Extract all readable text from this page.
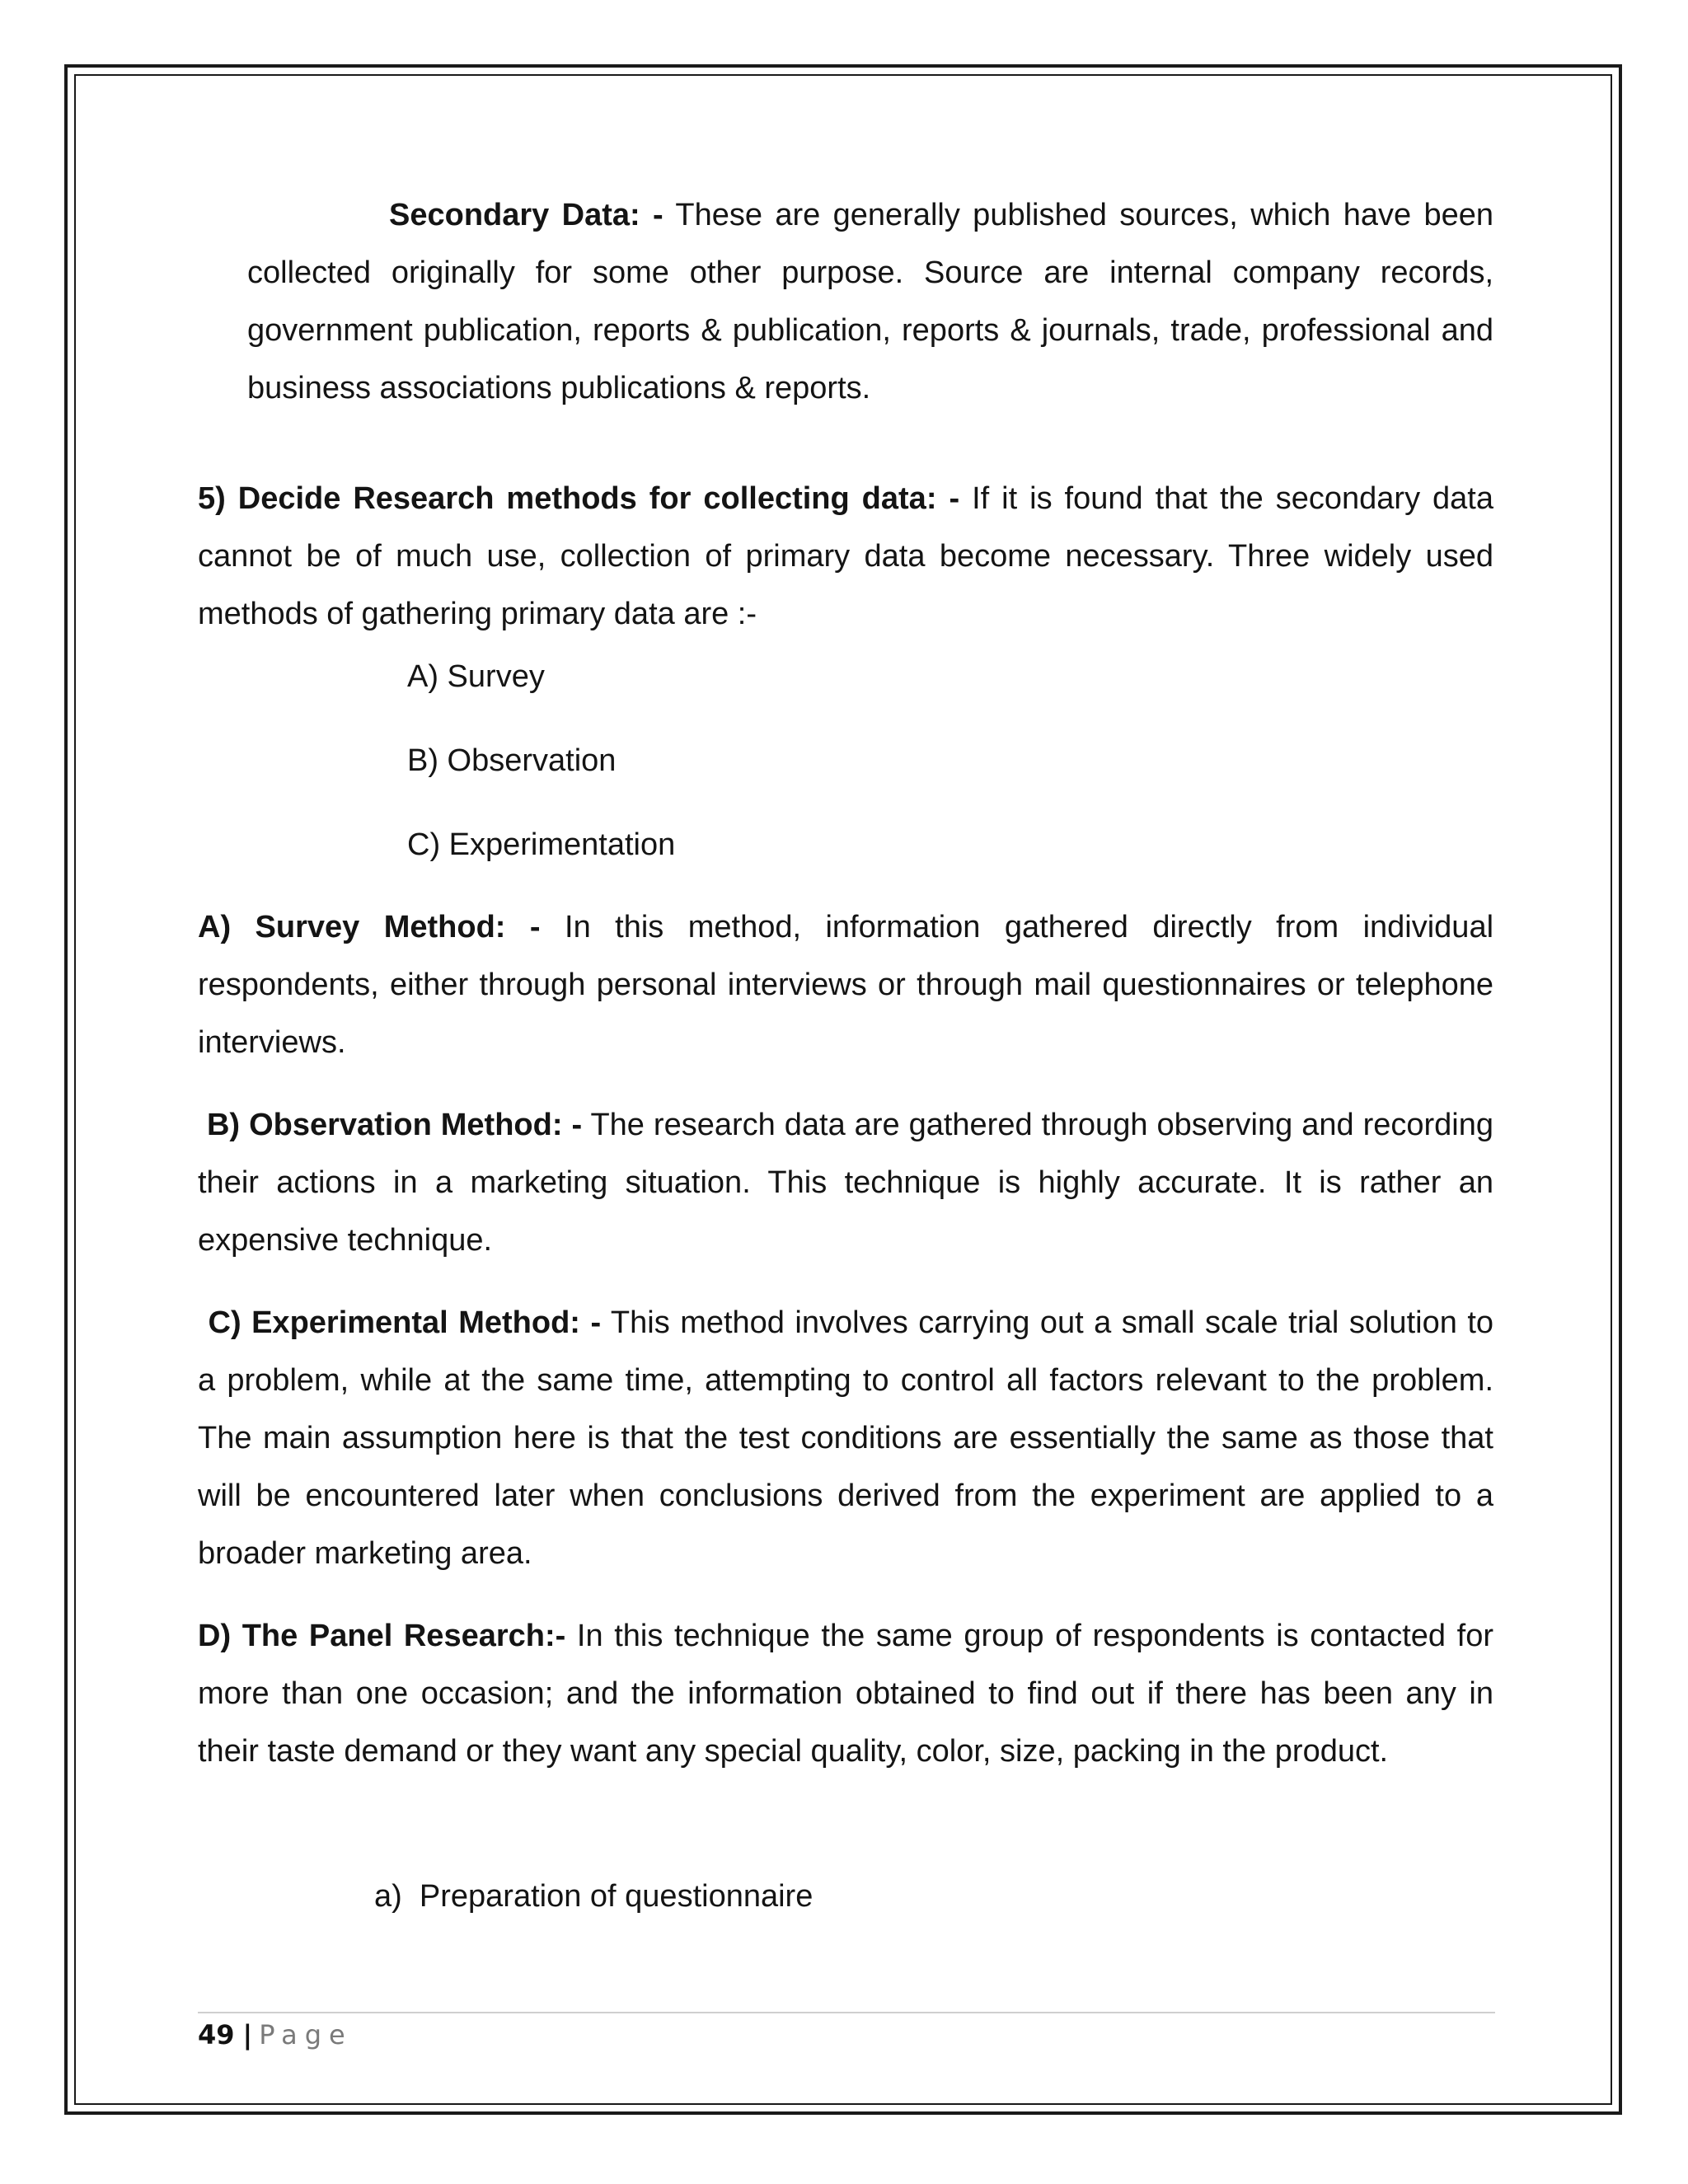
Secondary Data: - These are generally published sources, which have been collected originally for some other purpose. Source are internal company records, government publication, reports & publication, reports & journals, trade, professional and business associations publications & reports.

5) Decide Research methods for collecting data: - If it is found that the secondary data cannot be of much use, collection of primary data become necessary. Three widely used methods of gathering primary data are :-

A) Survey

B) Observation

C) Experimentation

A) Survey Method: - In this method, information gathered directly from individual respondents, either through personal interviews or through mail questionnaires or telephone interviews.

B) Observation Method: - The research data are gathered through observing and recording their actions in a marketing situation. This technique is highly accurate. It is rather an expensive technique.

C) Experimental Method: - This method involves carrying out a small scale trial solution to a problem, while at the same time, attempting to control all factors relevant to the problem. The main assumption here is that the test conditions are essentially the same as those that will be encountered later when conclusions derived from the experiment are applied to a broader marketing area.

D) The Panel Research:- In this technique the same group of respondents is contacted for more than one occasion; and the information obtained to find out if there has been any in their taste demand or they want any special quality, color, size, packing in the product.

a)  Preparation of questionnaire

49 | Page
